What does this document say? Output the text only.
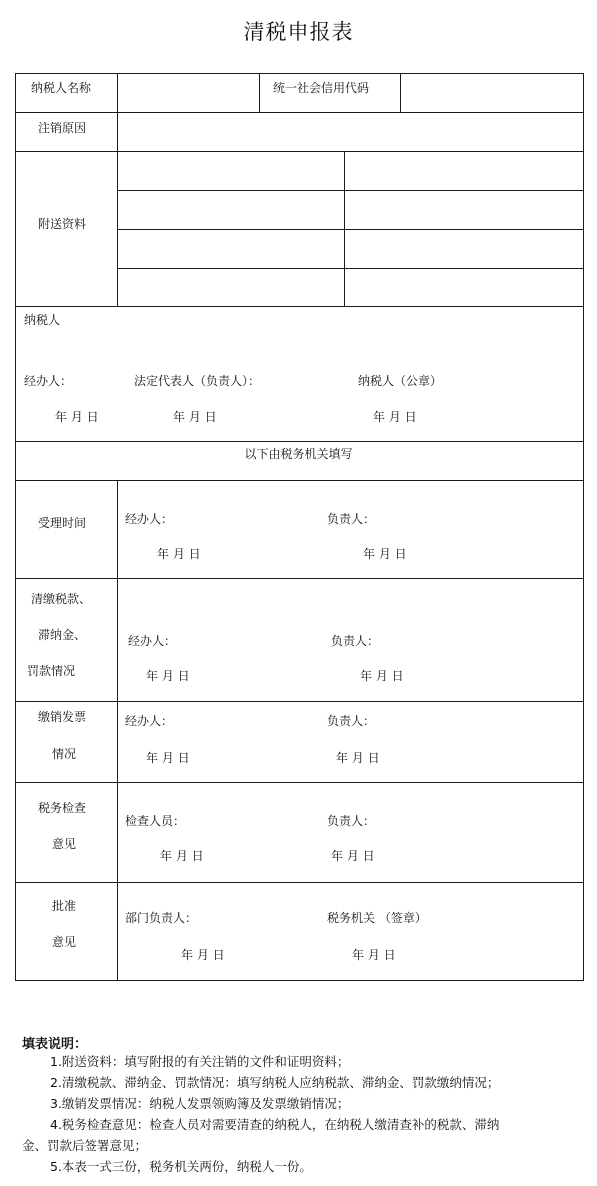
清税申报表
纳税人名称	统一社会信用代码
注销原因
附送资料
纳税人
经办人：	法定代表人（负责人）：	纳税人（公章）
年 月 日	年 月 日	年 月 日
以下由税务机关填写
受理时间	经办人：	负责人：
年 月 日	年 月 日
清缴税款、
滞纳金、
罚款情况
经办人：	负责人：
年 月 日	年 月 日
缴销发票
情况
经办人：	负责人：
年 月 日	年 月 日
税务检查
意见
检查人员：	负责人：
年 月 日	年 月 日
批准
意见
部门负责人：	税务机关 （签章）
年 月 日	年 月 日
填表说明：
1.附送资料：填写附报的有关注销的文件和证明资料；
2.清缴税款、滞纳金、罚款情况：填写纳税人应纳税款、滞纳金、罚款缴纳情况；
3.缴销发票情况：纳税人发票领购簿及发票缴销情况；
4.税务检查意见：检查人员对需要清查的纳税人，在纳税人缴清查补的税款、滞纳
金、罚款后签署意见；
5.本表一式三份，税务机关两份，纳税人一份。
